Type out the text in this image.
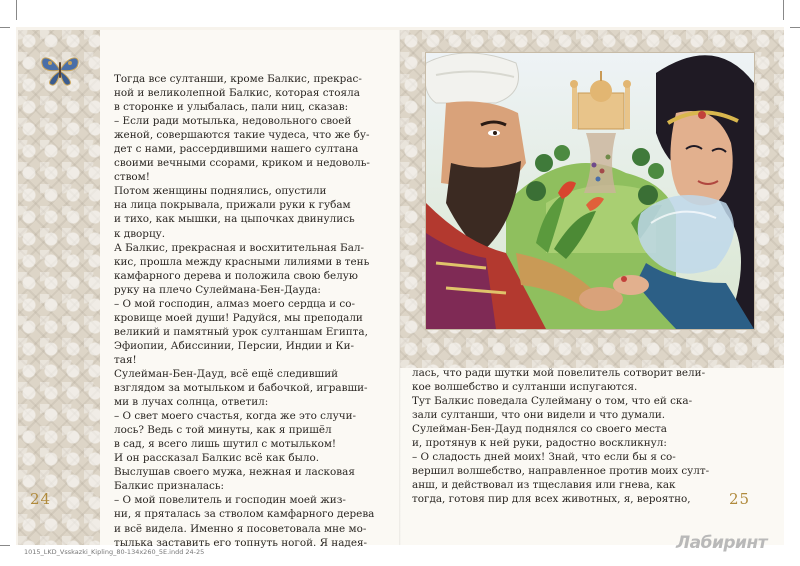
Тогда все султанши, кроме Балкис, прекрас-

ной и великолепной Балкис, которая стояла

в сторонке и улыбалась, пали ниц, сказав:

– Если ради мотылька, недовольного своей

женой, совершаются такие чудеса, что же бу-

дет с нами, рассердившими нашего султана

своими вечными ссорами, криком и недоволь-

ством!

Потом женщины поднялись, опустили

на лица покрывала, прижали руки к губам

и тихо, как мышки, на цыпочках двинулись

к дворцу.

А Балкис, прекрасная и восхитительная Бал-

кис, прошла между красными лилиями в тень

камфарного дерева и положила свою белую

руку на плечо Сулеймана-Бен-Дауда:

– О мой господин, алмаз моего сердца и со-

кровище моей души! Радуйся, мы преподали

великий и памятный урок султаншам Египта,

Эфиопии, Абиссинии, Персии, Индии и Ки-

тая!

Сулейман-Бен-Дауд, всё ещё следивший

взглядом за мотыльком и бабочкой, игравши-

ми в лучах солнца, ответил:

– О свет моего счастья, когда же это случи-

лось? Ведь с той минуты, как я пришёл

в сад, я всего лишь шутил с мотыльком!

И он рассказал Балкис всё как было.

Выслушав своего мужа, нежная и ласковая

Балкис призналась:

– О мой повелитель и господин моей жиз-

ни, я пряталась за стволом камфарного дерева

и всё видела. Именно я посоветовала мне мо-

тылька заставить его топнуть ногой. Я надея-

24

лась, что ради шутки мой повелитель сотворит вели-

кое волшебство и султанши испугаются.

Тут Балкис поведала Сулейману о том, что ей ска-

зали султанши, что они видели и что думали.

Сулейман-Бен-Дауд поднялся со своего места

и, протянув к ней руки, радостно воскликнул:

– О сладость дней моих! Знай, что если бы я со-

вершил волшебство, направленное против моих султ-

анш, и действовал из тщеславия или гнева, как

тогда, готовя пир для всех животных, я, вероятно,	25
1015_LKD_Vsskazki_Kipling_80-134x260_5E.indd 24-25	Лабиринт
